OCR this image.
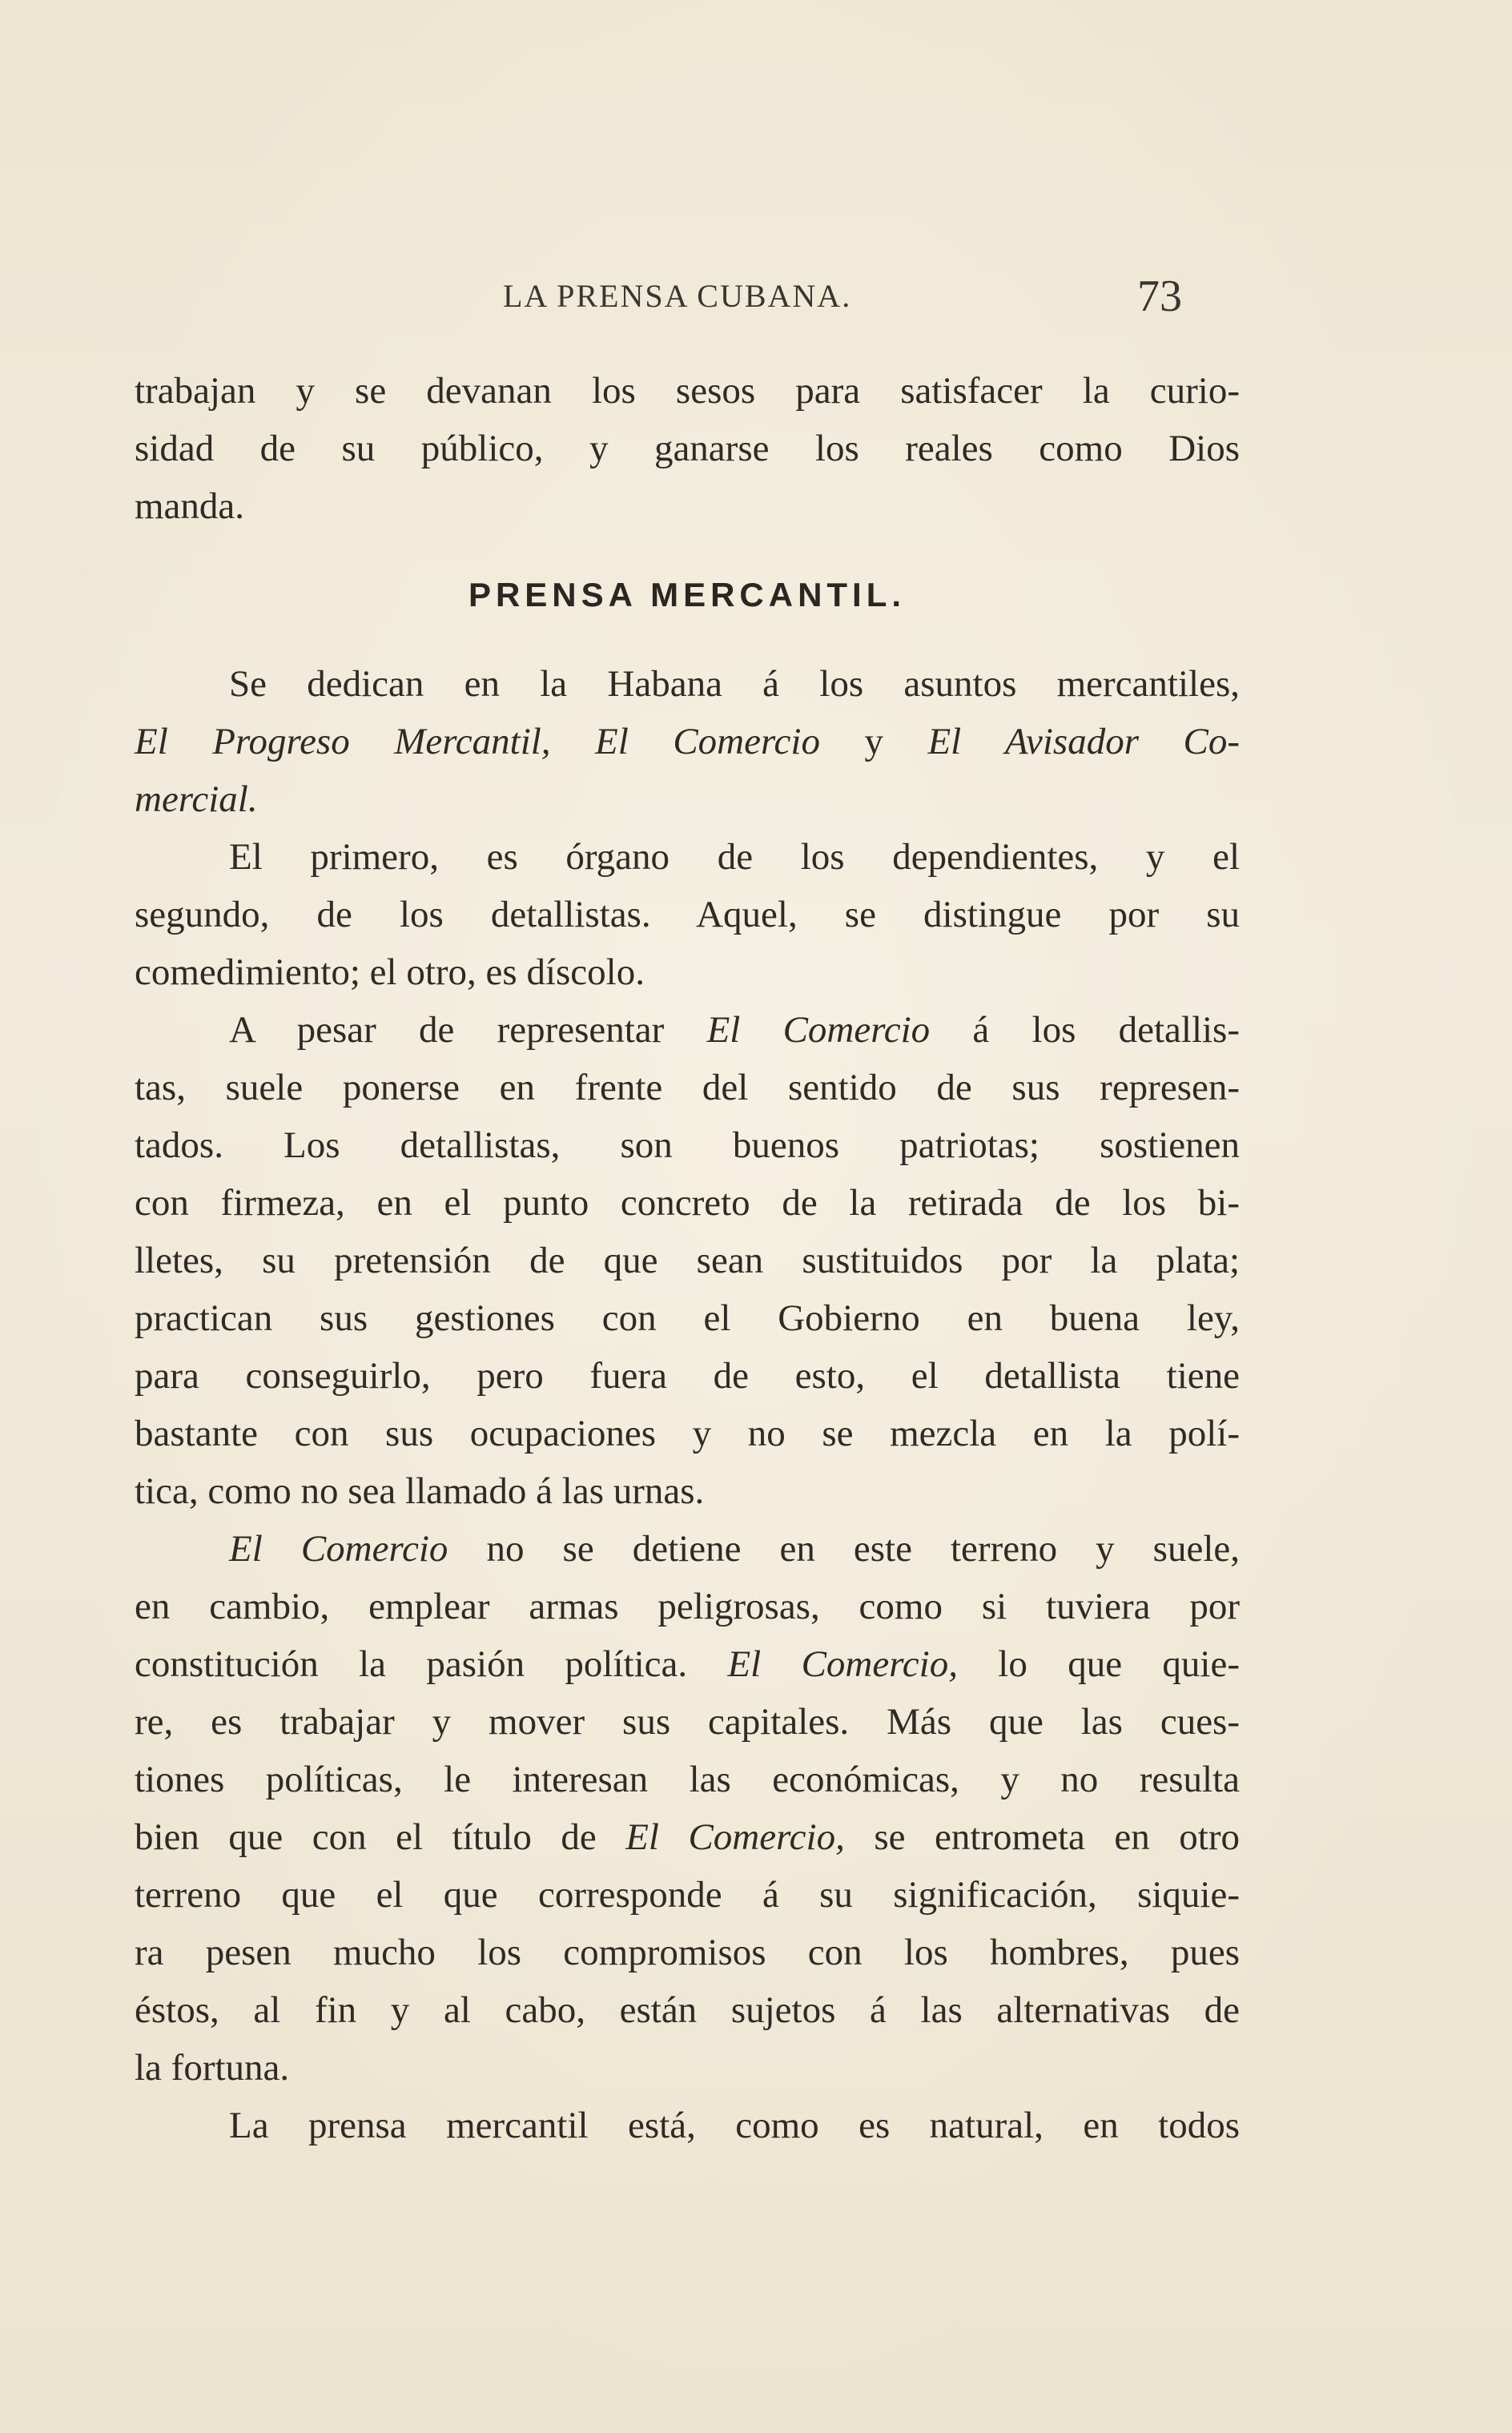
LA PRENSA CUBANA.	73
trabajan y se devanan los sesos para satisfacer la curio-
sidad de su público, y ganarse los reales como Dios
manda.
PRENSA MERCANTIL.
Se dedican en la Habana á los asuntos mercantiles,
El Progreso Mercantil, El Comercio y El Avisador Co-
mercial.
El primero, es órgano de los dependientes, y el
segundo, de los detallistas. Aquel, se distingue por su
comedimiento; el otro, es díscolo.
A pesar de representar El Comercio á los detallis-
tas, suele ponerse en frente del sentido de sus represen-
tados. Los detallistas, son buenos patriotas; sostienen
con firmeza, en el punto concreto de la retirada de los bi-
lletes, su pretensión de que sean sustituidos por la plata;
practican sus gestiones con el Gobierno en buena ley,
para conseguirlo, pero fuera de esto, el detallista tiene
bastante con sus ocupaciones y no se mezcla en la polí-
tica, como no sea llamado á las urnas.
El Comercio no se detiene en este terreno y suele,
en cambio, emplear armas peligrosas, como si tuviera por
constitución la pasión política. El Comercio, lo que quie-
re, es trabajar y mover sus capitales. Más que las cues-
tiones políticas, le interesan las económicas, y no resulta
bien que con el título de El Comercio, se entrometa en otro
terreno que el que corresponde á su significación, siquie-
ra pesen mucho los compromisos con los hombres, pues
éstos, al fin y al cabo, están sujetos á las alternativas de
la fortuna.
La prensa mercantil está, como es natural, en todos
